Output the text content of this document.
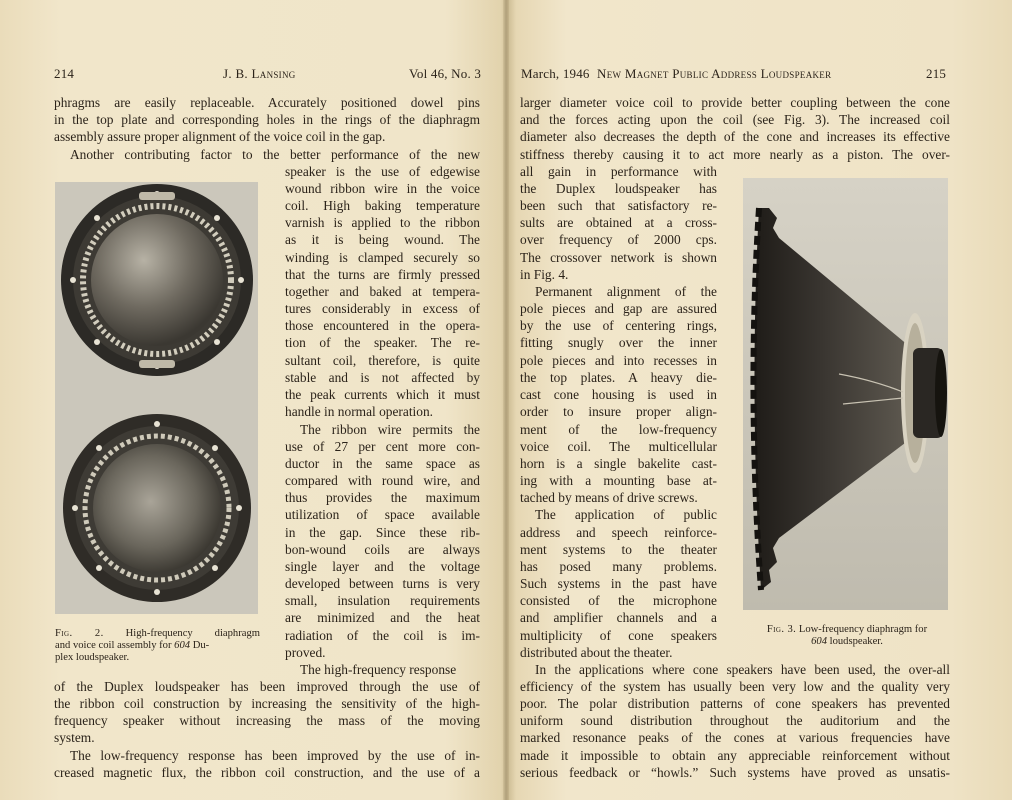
214	J. B. Lansing	Vol 46, No. 3
phragms are easily replaceable. Accurately positioned dowel pins
in the top plate and corresponding holes in the rings of the diaphragm
assembly assure proper alignment of the voice coil in the gap.
Another contributing factor to the better performance of the new
speaker is the use of edgewise
wound ribbon wire in the voice
coil. High baking temperature
varnish is applied to the ribbon
as it is being wound. The
winding is clamped securely so
that the turns are firmly pressed
together and baked at tempera-
tures considerably in excess of
those encountered in the opera-
tion of the speaker. The re-
sultant coil, therefore, is quite
stable and is not affected by
the peak currents which it must
handle in normal operation.
The ribbon wire permits the
use of 27 per cent more con-
ductor in the same space as
compared with round wire, and
thus provides the maximum
utilization of space available
in the gap. Since these rib-
bon-wound coils are always
single layer and the voltage
developed between turns is very
small, insulation requirements
are minimized and the heat
radiation of the coil is im-
proved.
The high-frequency response
Fig. 2. High-frequency diaphragm
and voice coil assembly for 604 Du-
plex loudspeaker.
of the Duplex loudspeaker has been improved through the use of
the ribbon coil construction by increasing the sensitivity of the high-
frequency speaker without increasing the mass of the moving
system.
The low-frequency response has been improved by the use of in-
creased magnetic flux, the ribbon coil construction, and the use of a
March, 1946 New Magnet Public Address Loudspeaker	215
larger diameter voice coil to provide better coupling between the cone
and the forces acting upon the coil (see Fig. 3). The increased coil
diameter also decreases the depth of the cone and increases its effective
stiffness thereby causing it to act more nearly as a piston. The over-
all gain in performance with
the Duplex loudspeaker has
been such that satisfactory re-
sults are obtained at a cross-
over frequency of 2000 cps.
The crossover network is shown
in Fig. 4.
Permanent alignment of the
pole pieces and gap are assured
by the use of centering rings,
fitting snugly over the inner
pole pieces and into recesses in
the top plates. A heavy die-
cast cone housing is used in
order to insure proper align-
ment of the low-frequency
voice coil. The multicellular
horn is a single bakelite cast-
ing with a mounting base at-
tached by means of drive screws.
The application of public
address and speech reinforce-
ment systems to the theater
has posed many problems.
Such systems in the past have
consisted of the microphone
and amplifier channels and a
multiplicity of cone speakers
distributed about the theater.
Fig. 3. Low-frequency diaphragm for
604 loudspeaker.
In the applications where cone speakers have been used, the over-all
efficiency of the system has usually been very low and the quality very
poor. The polar distribution patterns of cone speakers has prevented
uniform sound distribution throughout the auditorium and the
marked resonance peaks of the cones at various frequencies have
made it impossible to obtain any appreciable reinforcement without
serious feedback or “howls.” Such systems have proved as unsatis-
